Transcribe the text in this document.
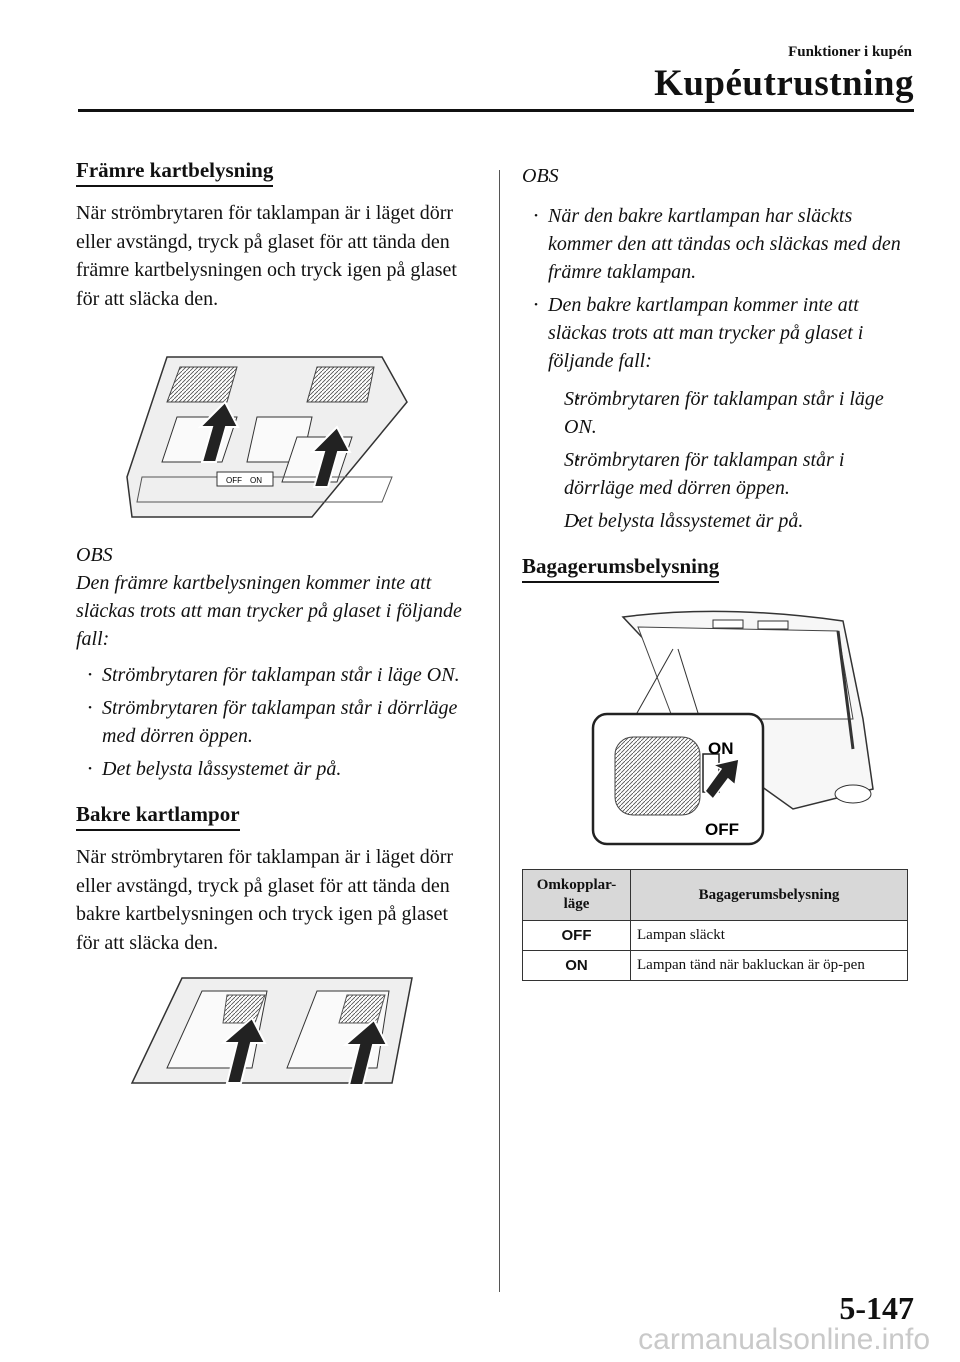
Funktioner i kupén
Kupéutrustning
Främre kartbelysning

När strömbrytaren för taklampan är i läget dörr eller avstängd, tryck på glaset för att tända den främre kartbelysningen och tryck igen på glaset för att släcka den.

OFF ON

OBS

Den främre kartbelysningen kommer inte att släckas trots att man trycker på glaset i följande fall:

• Strömbrytaren för taklampan står i läge ON.
• Strömbrytaren för taklampan står i dörrläge med dörren öppen.
• Det belysta låssystemet är på.
Bakre kartlampor

När strömbrytaren för taklampan är i läget dörr eller avstängd, tryck på glaset för att tända den bakre kartbelysningen och tryck igen på glaset för att släcka den.

OBS

• När den bakre kartlampan har släckts kommer den att tändas och släckas med den främre taklampan.
• Den bakre kartlampan kommer inte att släckas trots att man trycker på glaset i följande fall:
• Strömbrytaren för taklampan står i läge ON.
• Strömbrytaren för taklampan står i dörrläge med dörren öppen.
• Det belysta låssystemet är på.
Bagagerumsbelysning
ON
OFF
Omkopplar-läge	Bagagerumsbelysning
OFF	Lampan släckt
ON	Lampan tänd när bakluckan är öp-pen
5-147
carmanualsonline.info
